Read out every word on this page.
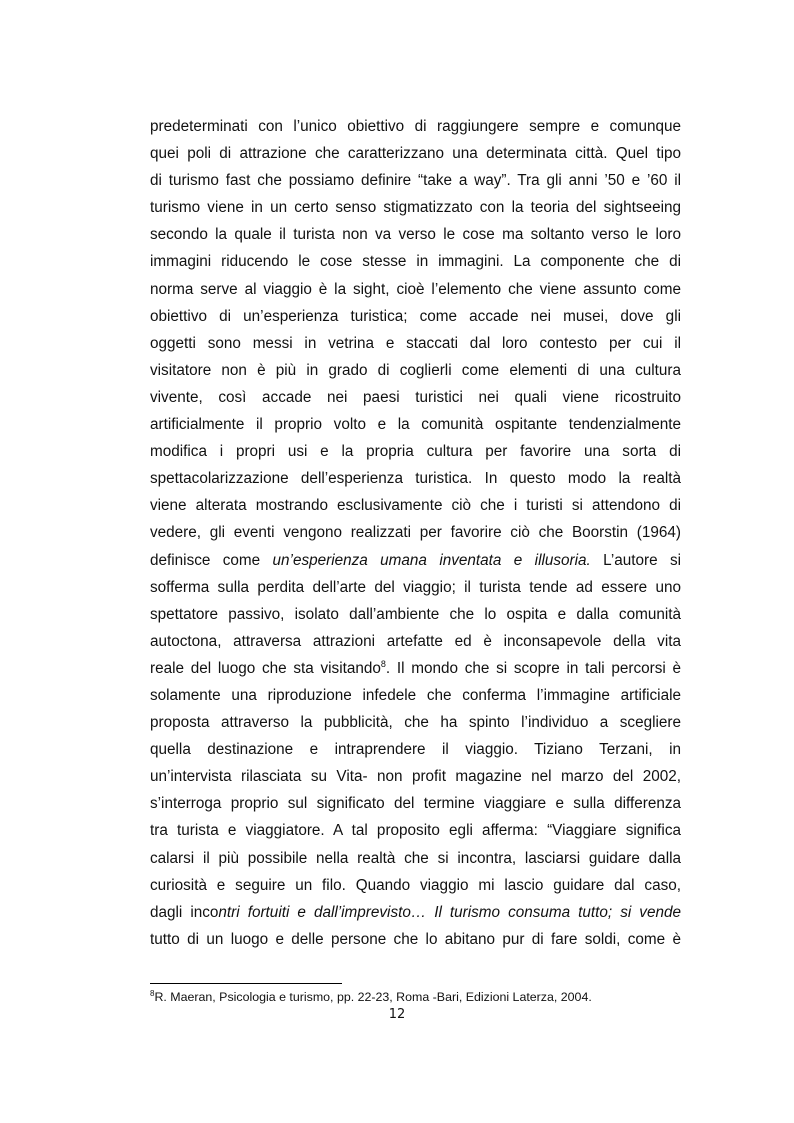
predeterminati con l’unico obiettivo di raggiungere sempre e comunque
quei poli di attrazione che caratterizzano una determinata città. Quel tipo
di turismo fast che possiamo definire “take a way”. Tra gli anni ’50 e ’60 il
turismo viene in un certo senso stigmatizzato con la teoria del sightseeing
secondo la quale il turista non va verso le cose ma soltanto verso le loro
immagini riducendo le cose stesse in immagini. La componente che di
norma serve al viaggio è la sight, cioè l’elemento che viene assunto come
obiettivo di un’esperienza turistica; come accade nei musei, dove gli
oggetti sono messi in vetrina e staccati dal loro contesto per cui il
visitatore non è più in grado di coglierli come elementi di una cultura
vivente, così accade nei paesi turistici nei quali viene ricostruito
artificialmente il proprio volto e la comunità ospitante tendenzialmente
modifica i propri usi e la propria cultura per favorire una sorta di
spettacolarizzazione dell’esperienza turistica. In questo modo la realtà
viene alterata mostrando esclusivamente ciò che i turisti si attendono di
vedere, gli eventi vengono realizzati per favorire ciò che Boorstin (1964)
definisce come un’esperienza umana inventata e illusoria. L’autore si
sofferma sulla perdita dell’arte del viaggio; il turista tende ad essere uno
spettatore passivo, isolato dall’ambiente che lo ospita e dalla comunità
autoctona, attraversa attrazioni artefatte ed è inconsapevole della vita
reale del luogo che sta visitando$^8$. Il mondo che si scopre in tali percorsi è
solamente una riproduzione infedele che conferma l’immagine artificiale
proposta attraverso la pubblicità, che ha spinto l’individuo a scegliere
quella destinazione e intraprendere il viaggio. Tiziano Terzani, in
un’intervista rilasciata su Vita- non profit magazine nel marzo del 2002,
s’interroga proprio sul significato del termine viaggiare e sulla differenza
tra turista e viaggiatore. A tal proposito egli afferma: “Viaggiare significa
calarsi il più possibile nella realtà che si incontra, lasciarsi guidare dalla
curiosità e seguire un filo. Quando viaggio mi lascio guidare dal caso,
dagli incontri fortuiti e dall’imprevisto… Il turismo consuma tutto; si vende
tutto di un luogo e delle persone che lo abitano pur di fare soldi, come è
$^8$R. Maeran, Psicologia e turismo, pp. 22-23, Roma -Bari, Edizioni Laterza, 2004.
12
